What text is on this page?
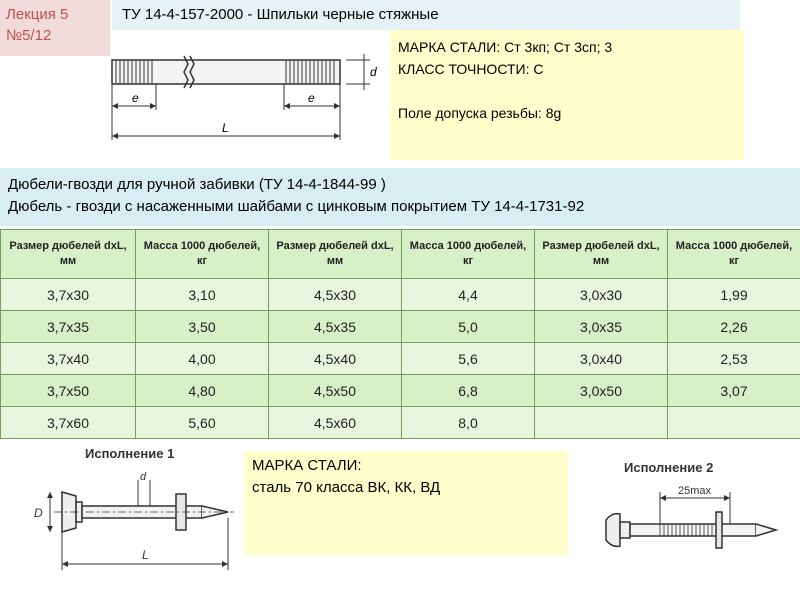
Лекция 5
№5/12
ТУ 14-4-157-2000 - Шпильки черные стяжные
e	e
L
d
МАРКА СТАЛИ: Ст 3кп; Ст 3сп; 3
КЛАСС ТОЧНОСТИ: С
Поле допуска резьбы: 8g
Дюбели-гвозди для ручной забивки (ТУ 14-4-1844-99 )
Дюбель - гвозди с насаженными шайбами с цинковым покрытием ТУ 14-4-1731-92
Размер дюбелей dxL, мм	Масса 1000 дюбелей, кг	Размер дюбелей dxL, мм	Масса 1000 дюбелей, кг	Размер дюбелей dxL, мм	Масса 1000 дюбелей, кг
3,7х30	3,10	4,5х30	4,4	3,0х30	1,99
3,7х35	3,50	4,5х35	5,0	3,0х35	2,26
3,7х40	4,00	4,5х40	5,6	3,0х40	2,53
3,7х50	4,80	4,5х50	6,8	3,0х50	3,07
3,7х60	5,60	4,5х60	8,0		
Исполнение 1
D
d
L
МАРКА СТАЛИ:
сталь 70 класса ВК, КК, ВД
Исполнение 2
25max
